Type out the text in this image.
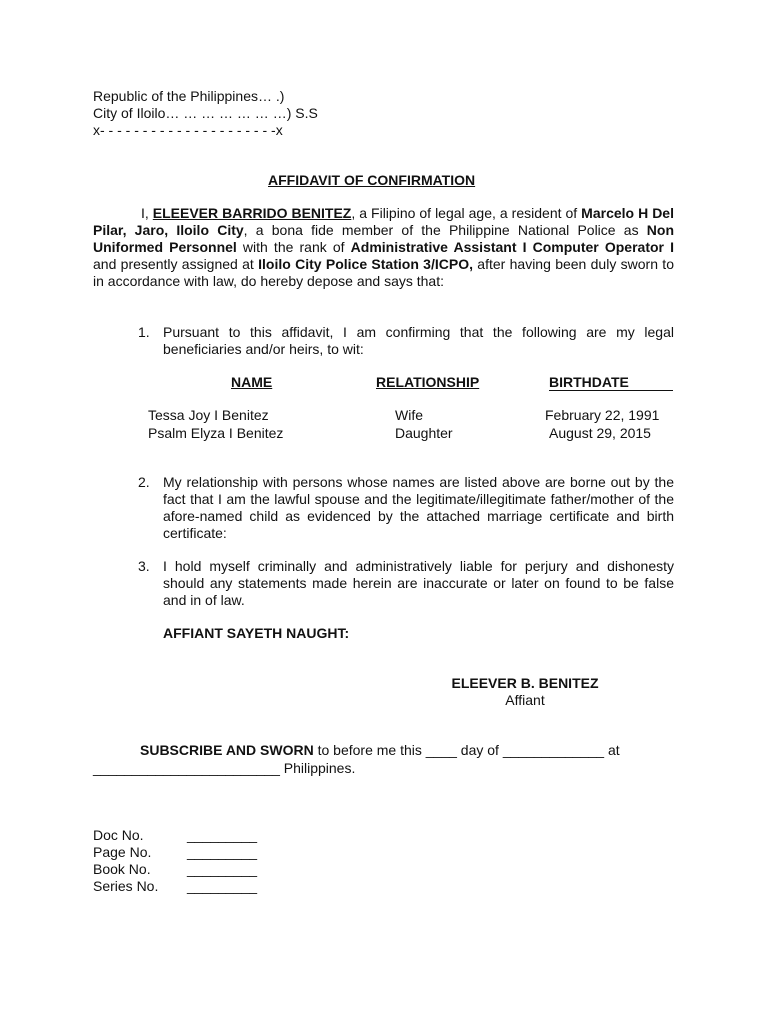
Republic of the Philippines… .)
City of Iloilo… … … … … … …) S.S
x- - - - - - - - - - - - - - - - - - - - -x
AFFIDAVIT OF CONFIRMATION
I, ELEEVER BARRIDO BENITEZ, a Filipino of legal age, a resident of Marcelo H Del Pilar, Jaro, Iloilo City, a bona fide member of the Philippine National Police as Non Uniformed Personnel with the rank of Administrative Assistant I Computer Operator I and presently assigned at Iloilo City Police Station 3/ICPO, after having been duly sworn to in accordance with law, do hereby depose and says that:
1. Pursuant to this affidavit, I am confirming that the following are my legal beneficiaries and/or heirs, to wit:
NAME	RELATIONSHIP	BIRTHDATE
Tessa Joy I Benitez	Wife	February 22, 1991
Psalm Elyza I Benitez	Daughter	August 29, 2015
2. My relationship with persons whose names are listed above are borne out by the fact that I am the lawful spouse and the legitimate/illegitimate father/mother of the afore-named child as evidenced by the attached marriage certificate and birth certificate:
3. I hold myself criminally and administratively liable for perjury and dishonesty should any statements made herein are inaccurate or later on found to be false and in of law.
AFFIANT SAYETH NAUGHT:
ELEEVER B. BENITEZ
Affiant
SUBSCRIBE AND SWORN to before me this ____ day of _____________ at
________________________ Philippines.
Doc No.	_________
Page No.	_________
Book No.	_________
Series No. _________
